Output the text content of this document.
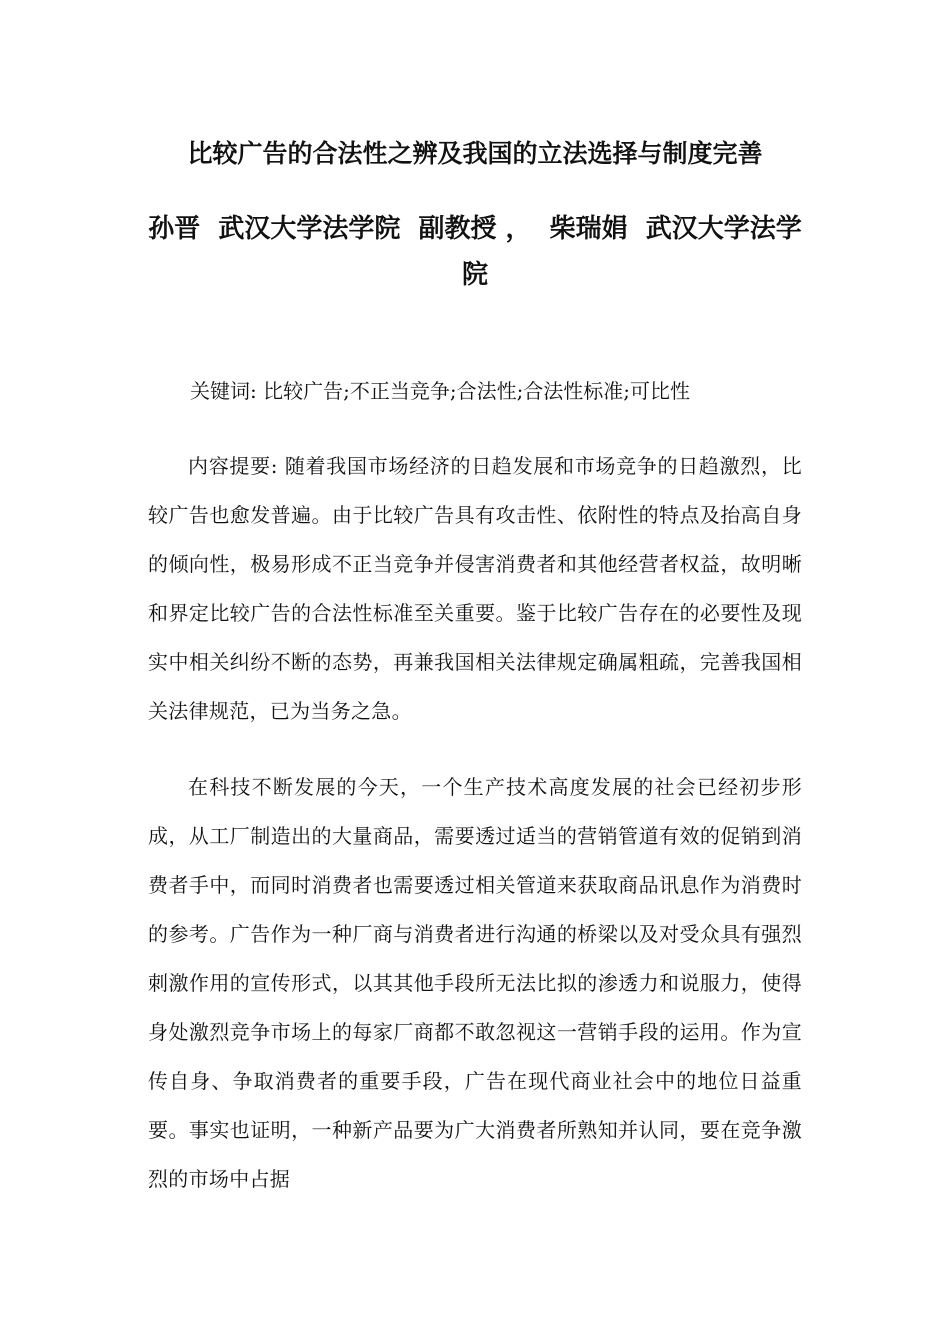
比较广告的合法性之辨及我国的立法选择与制度完善

孙晋  武汉大学法学院  副教授 ，  柴瑞娟  武汉大学法学院

关键词: 比较广告;不正当竞争;合法性;合法性标准;可比性

内容提要: 随着我国市场经济的日趋发展和市场竞争的日趋激烈，比较广告也愈发普遍。由于比较广告具有攻击性、依附性的特点及抬高自身的倾向性，极易形成不正当竞争并侵害消费者和其他经营者权益，故明晰和界定比较广告的合法性标准至关重要。鉴于比较广告存在的必要性及现实中相关纠纷不断的态势，再兼我国相关法律规定确属粗疏，完善我国相关法律规范，已为当务之急。

在科技不断发展的今天，一个生产技术高度发展的社会已经初步形成，从工厂制造出的大量商品，需要透过适当的营销管道有效的促销到消费者手中，而同时消费者也需要透过相关管道来获取商品讯息作为消费时的参考。广告作为一种厂商与消费者进行沟通的桥梁以及对受众具有强烈刺激作用的宣传形式，以其其他手段所无法比拟的渗透力和说服力，使得身处激烈竞争市场上的每家厂商都不敢忽视这一营销手段的运用。作为宣传自身、争取消费者的重要手段，广告在现代商业社会中的地位日益重要。事实也证明，一种新产品要为广大消费者所熟知并认同，要在竞争激烈的市场中占据
